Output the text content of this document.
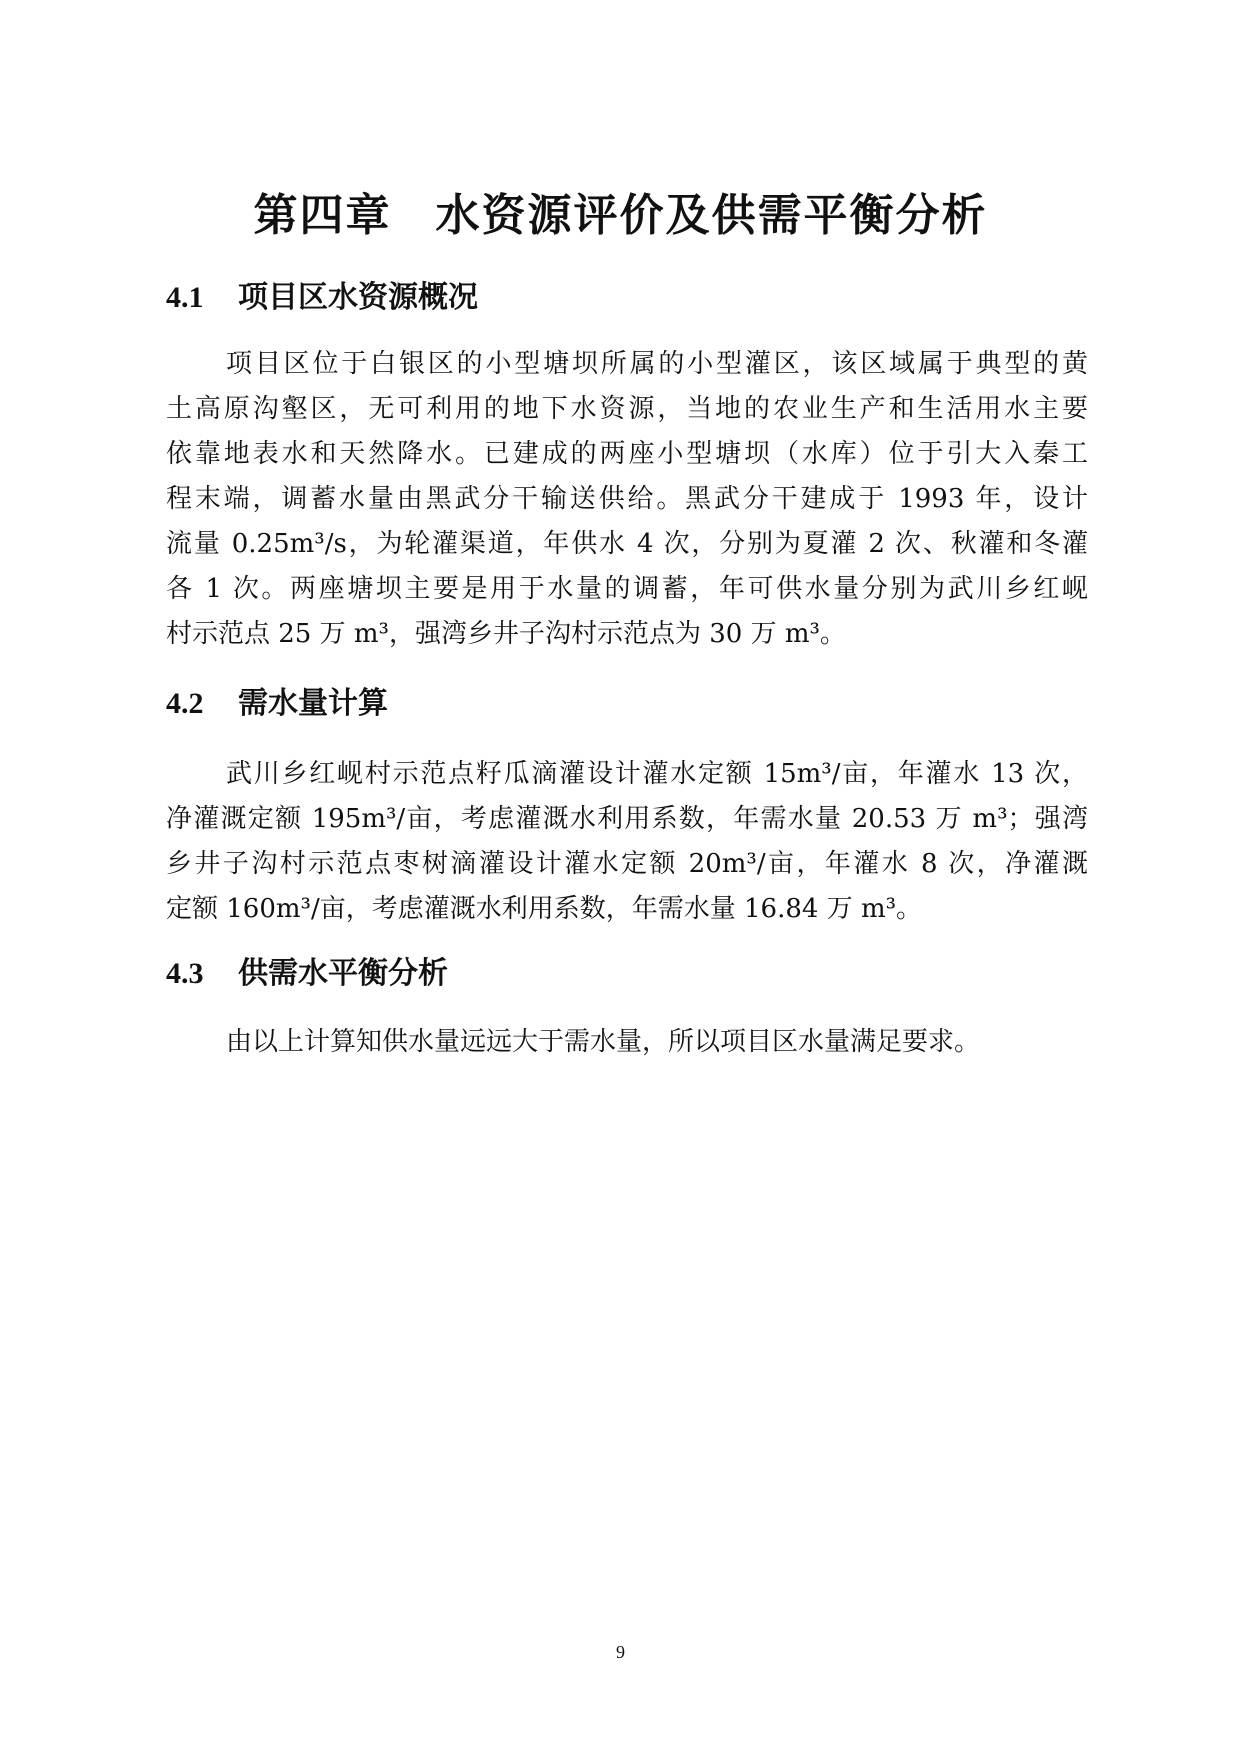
第四章 水资源评价及供需平衡分析
4.1 项目区水资源概况
项目区位于白银区的小型塘坝所属的小型灌区，该区域属于典型的黄
土高原沟壑区，无可利用的地下水资源，当地的农业生产和生活用水主要
依靠地表水和天然降水。已建成的两座小型塘坝（水库）位于引大入秦工
程末端，调蓄水量由黑武分干输送供给。黑武分干建成于 1993 年，设计
流量 0.25m³/s，为轮灌渠道，年供水 4 次，分别为夏灌 2 次、秋灌和冬灌
各 1 次。两座塘坝主要是用于水量的调蓄，年可供水量分别为武川乡红岘
村示范点 25 万 m³，强湾乡井子沟村示范点为 30 万 m³。
4.2 需水量计算
武川乡红岘村示范点籽瓜滴灌设计灌水定额 15m³/亩，年灌水 13 次，
净灌溉定额 195m³/亩，考虑灌溉水利用系数，年需水量 20.53 万 m³；强湾
乡井子沟村示范点枣树滴灌设计灌水定额 20m³/亩，年灌水 8 次，净灌溉
定额 160m³/亩，考虑灌溉水利用系数，年需水量 16.84 万 m³。
4.3 供需水平衡分析
由以上计算知供水量远远大于需水量，所以项目区水量满足要求。
9
